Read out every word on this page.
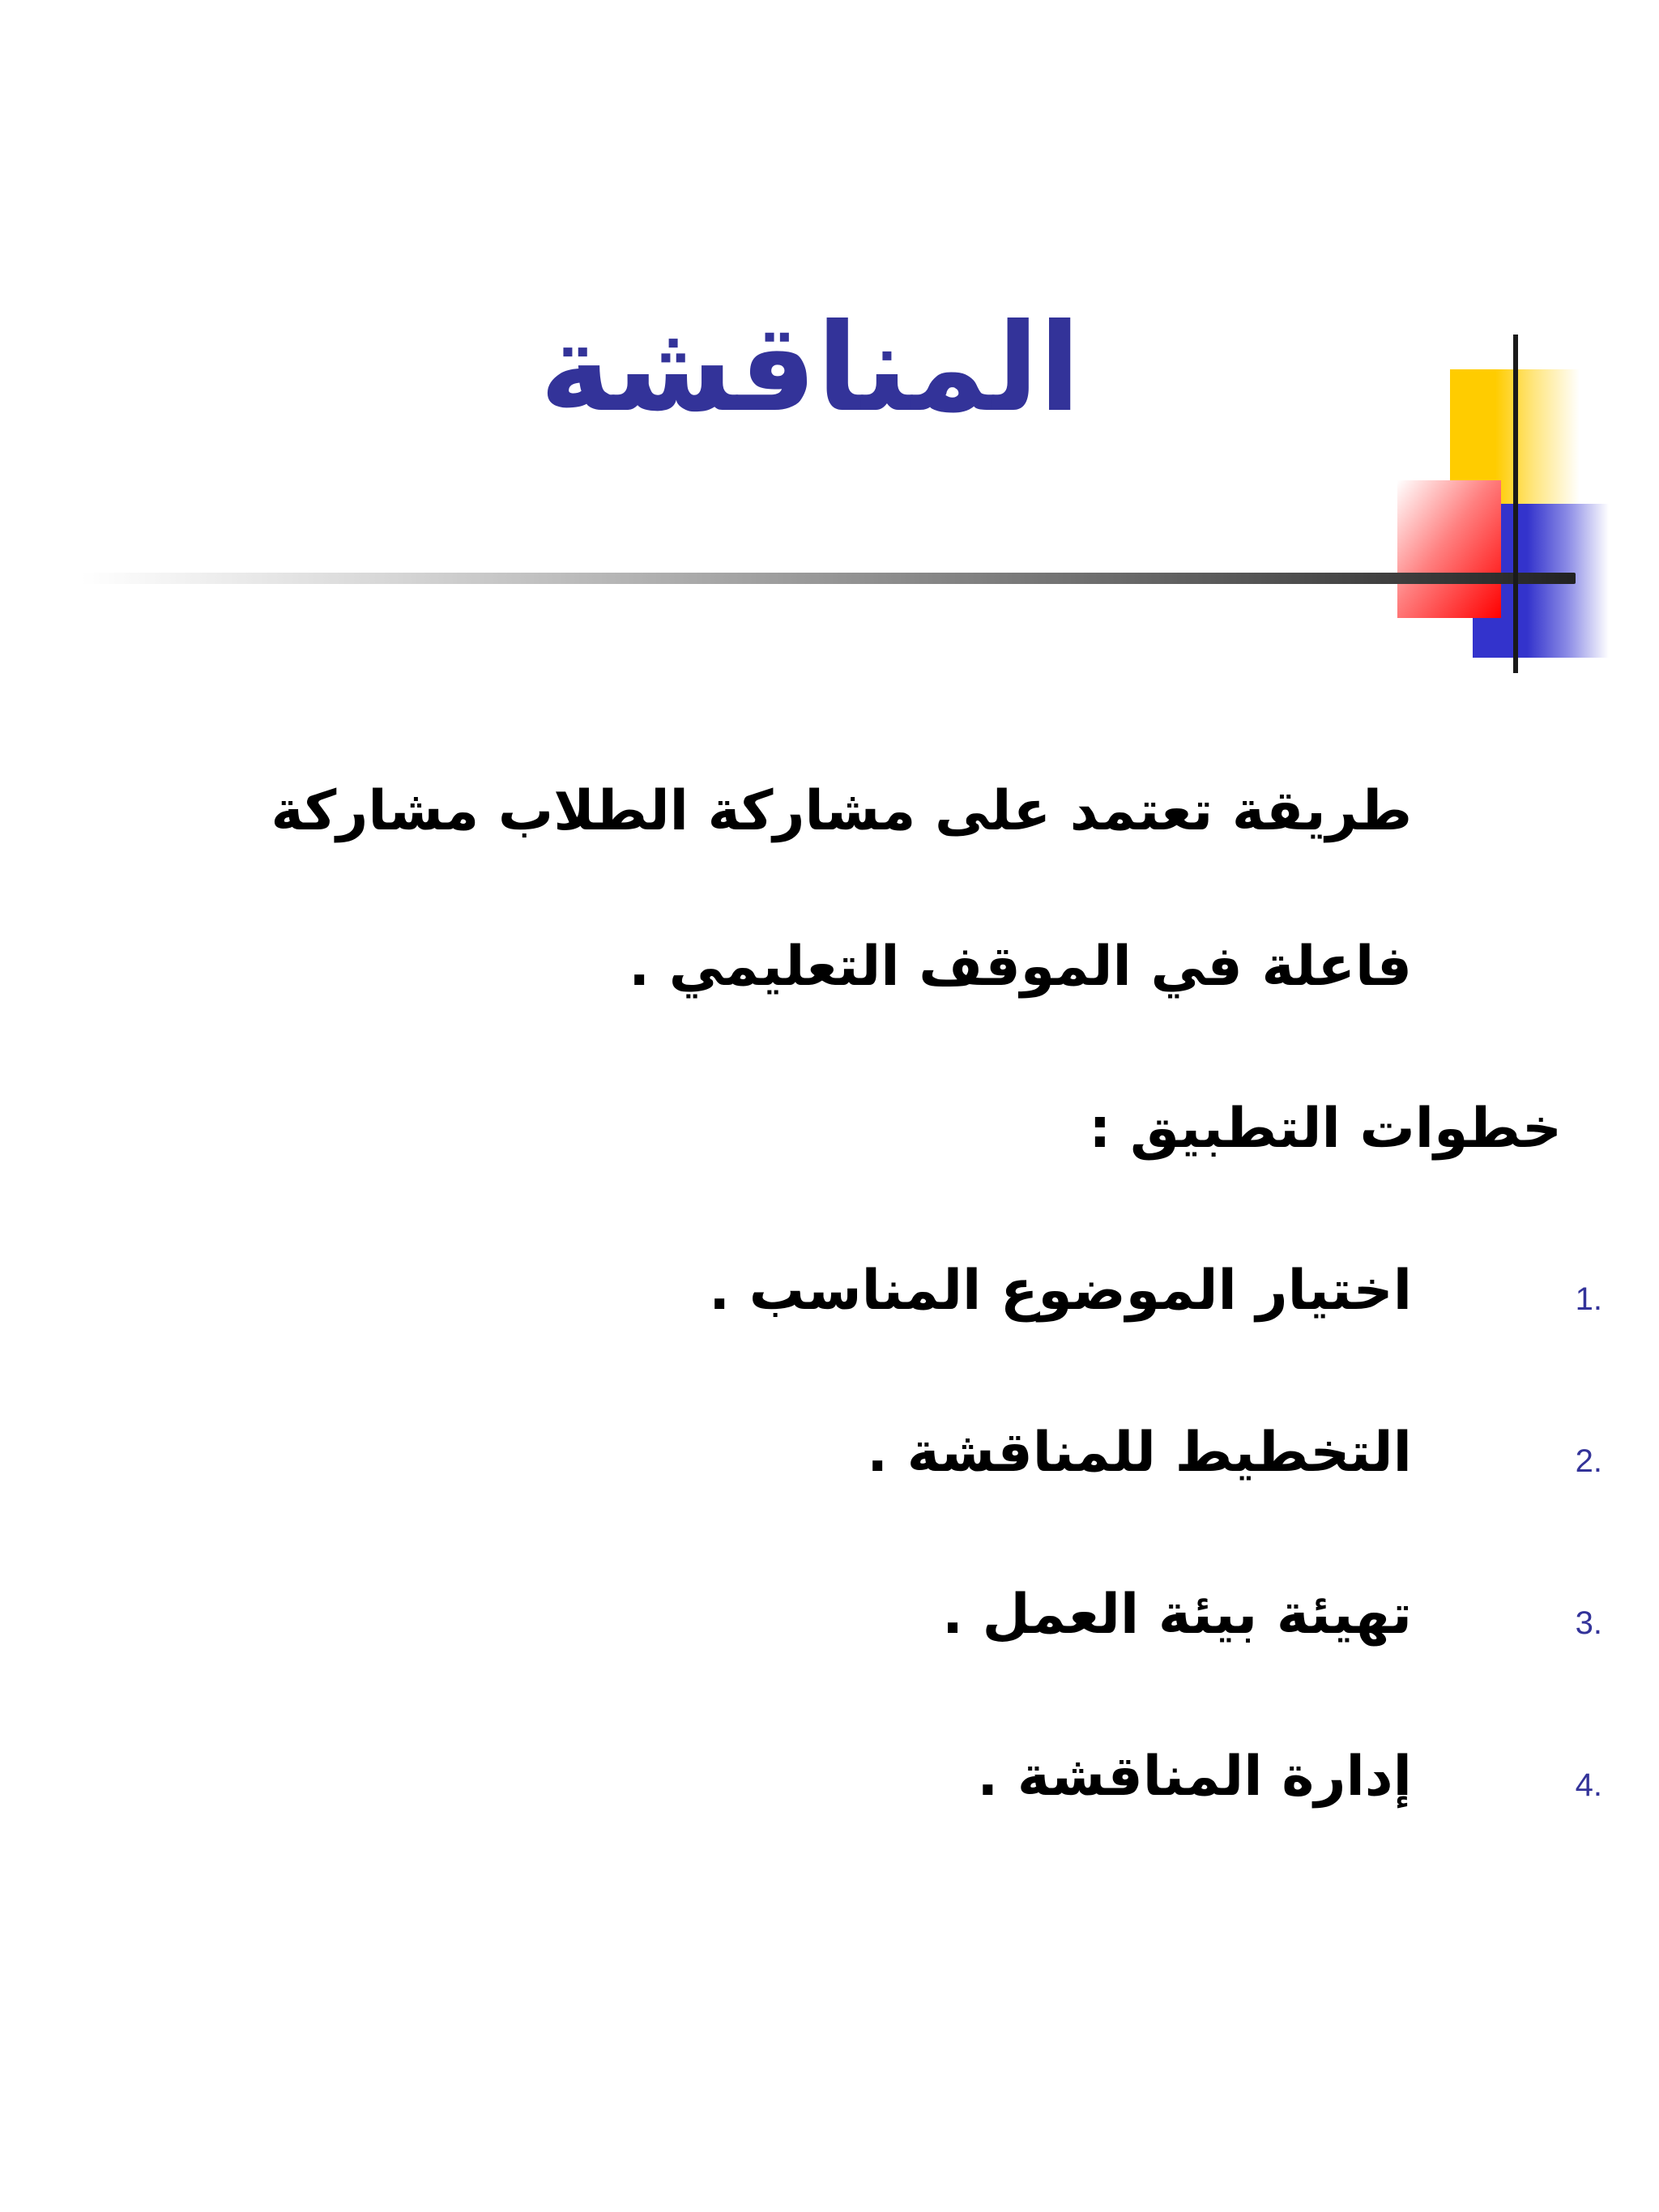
المناقشة
طريقة تعتمد على مشاركة الطلاب مشاركة
فاعلة في الموقف التعليمي .
خطوات التطبيق :
1.
اختيار الموضوع المناسب .
2.
التخطيط للمناقشة .
3.
تهيئة بيئة العمل .
4.
إدارة المناقشة .
